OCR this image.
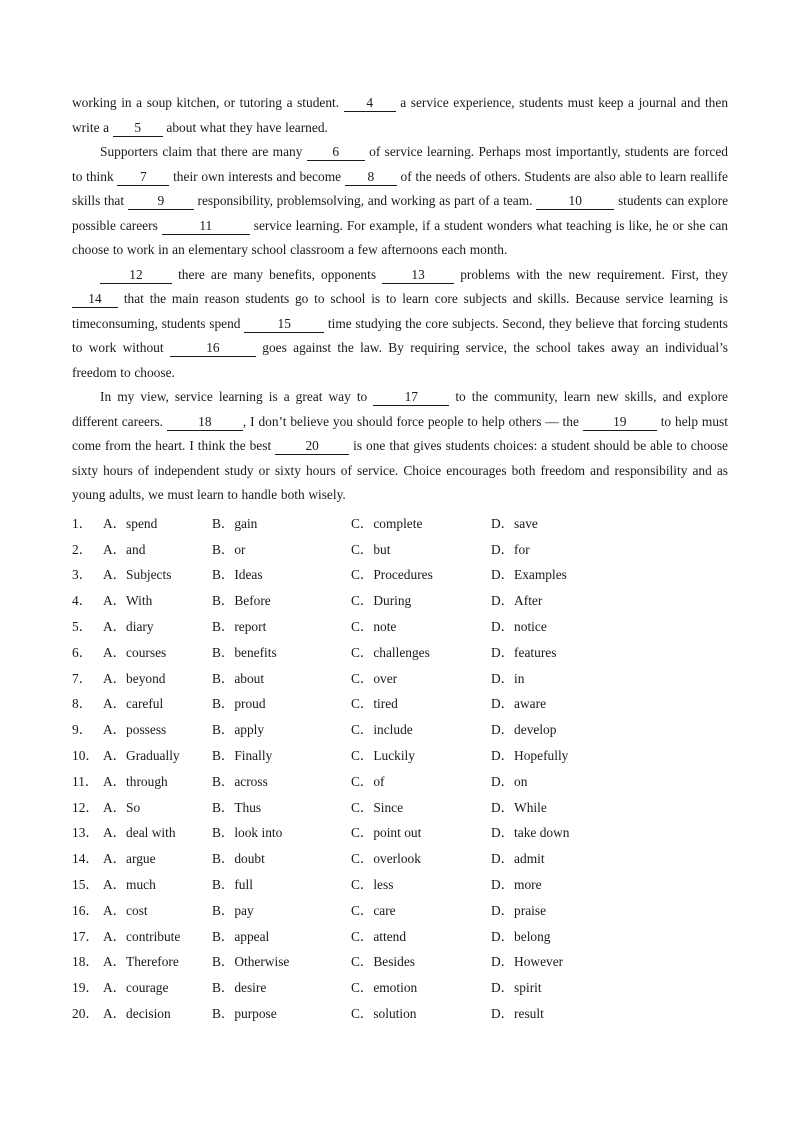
working in a soup kitchen, or tutoring a student. 4 a service experience, students must keep a journal and then write a 5 about what they have learned.

Supporters claim that there are many 6 of service learning. Perhaps most importantly, students are forced to think 7 their own interests and become 8 of the needs of others. Students are also able to learn reallife skills that 9 responsibility, problemsolving, and working as part of a team. 10 students can explore possible careers	11	service learning. For example, if a student wonders what teaching is like, he or she can choose to work in an elementary school classroom a few afternoons each month.

12 there are many benefits, opponents 13 problems with the new requirement. First, they 14 that the main reason students go to school is to learn core subjects and skills. Because service learning is timeconsuming, students spend 15 time studying the core subjects. Second, they believe that forcing students to work without	16	goes against the law. By requiring service, the school takes away an individual’s freedom to choose.

In my view, service learning is a great way to 17 to the community, learn new skills, and explore different careers. 18 , I don’t believe you should force people to help others — the 19 to help must come from the heart. I think the best 20 is one that gives students choices: a student should be able to choose sixty hours of independent study or sixty hours of service. Choice encourages both freedom and responsibility and as young adults, we must learn to handle both wisely.

1． A．spend	B．gain	C．complete	D．save
2． A．and	B．or	C．but	D．for
3． A．Subjects	B．Ideas	C．Procedures	D．Examples
4． A．With	B．Before	C．During	D．After
5． A．diary	B．report	C．note	D．notice
6． A．courses	B．benefits	C．challenges	D．features
7． A．beyond	B．about	C．over	D．in
8． A．careful	B．proud	C．tired	D．aware
9． A．possess	B．apply	C．include	D．develop
10． A．Gradually	B．Finally	C．Luckily	D．Hopefully
11． A．through	B．across	C．of	D．on
12． A．So	B．Thus	C．Since	D．While
13． A．deal with	B．look into	C．point out	D．take down
14． A．argue	B．doubt	C．overlook	D．admit
15． A．much	B．full	C．less	D．more
16． A．cost	B．pay	C．care	D．praise
17． A．contribute	B．appeal	C．attend	D．belong
18． A．Therefore	B．Otherwise	C．Besides	D．However
19． A．courage	B．desire	C．emotion	D．spirit
20． A．decision	B．purpose	C．solution	D．result
